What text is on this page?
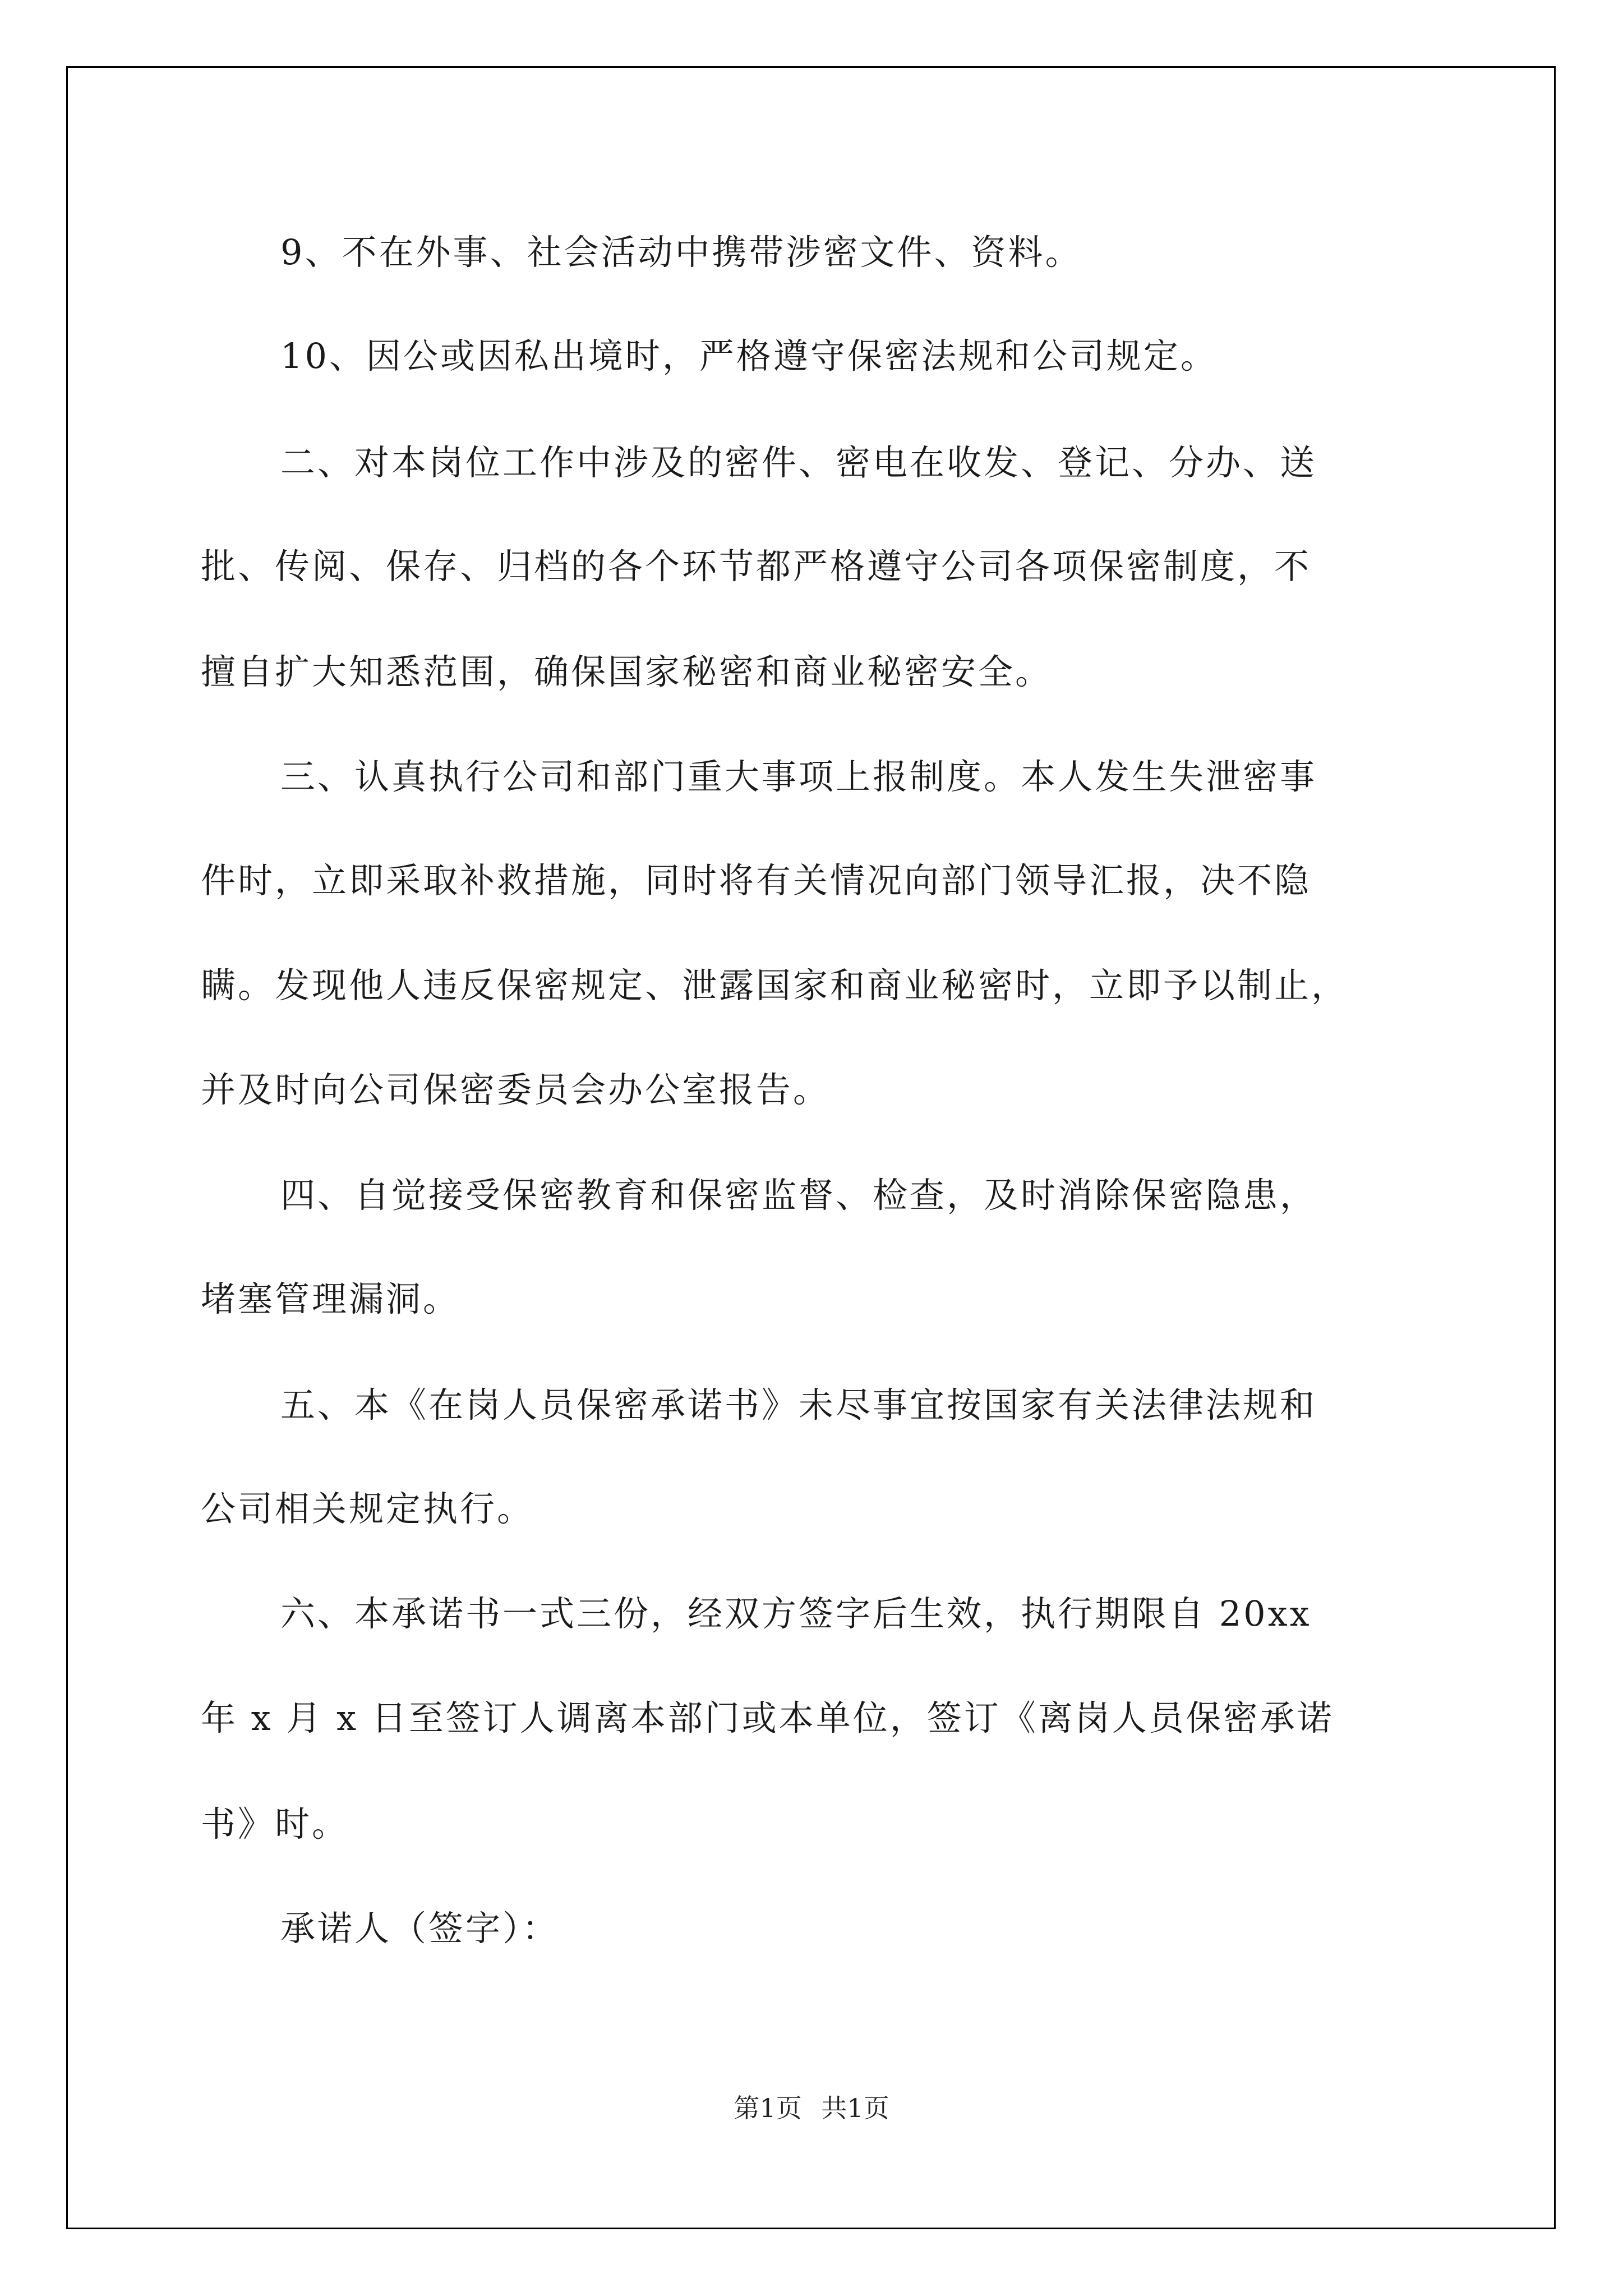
9、不在外事、社会活动中携带涉密文件、资料。

10、因公或因私出境时，严格遵守保密法规和公司规定。

二、对本岗位工作中涉及的密件、密电在收发、登记、分办、送

批、传阅、保存、归档的各个环节都严格遵守公司各项保密制度，不

擅自扩大知悉范围，确保国家秘密和商业秘密安全。

三、认真执行公司和部门重大事项上报制度。本人发生失泄密事

件时，立即采取补救措施，同时将有关情况向部门领导汇报，决不隐

瞒。发现他人违反保密规定、泄露国家和商业秘密时，立即予以制止，

并及时向公司保密委员会办公室报告。

四、自觉接受保密教育和保密监督、检查，及时消除保密隐患，

堵塞管理漏洞。

五、本《在岗人员保密承诺书》未尽事宜按国家有关法律法规和

公司相关规定执行。

六、本承诺书一式三份，经双方签字后生效，执行期限自 20xx

年 x 月 x 日至签订人调离本部门或本单位，签订《离岗人员保密承诺

书》时。

承诺人（签字）：

第1页 共1页
